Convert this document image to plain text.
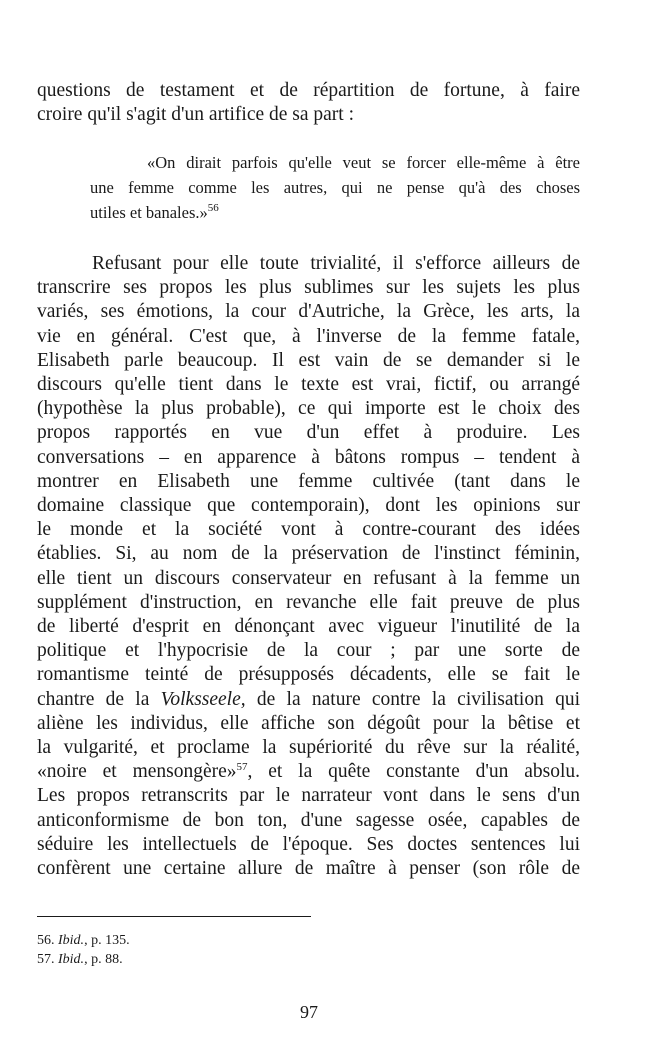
questions de testament et de répartition de fortune, à faire
croire qu'il s'agit d'un artifice de sa part :

«On dirait parfois qu'elle veut se forcer elle-même à être
une femme comme les autres, qui ne pense qu'à des choses
utiles et banales.»$^{56}$

Refusant pour elle toute trivialité, il s'efforce ailleurs de
transcrire ses propos les plus sublimes sur les sujets les plus
variés, ses émotions, la cour d'Autriche, la Grèce, les arts, la
vie en général. C'est que, à l'inverse de la femme fatale,
Elisabeth parle beaucoup. Il est vain de se demander si le
discours qu'elle tient dans le texte est vrai, fictif, ou arrangé
(hypothèse la plus probable), ce qui importe est le choix des
propos rapportés en vue d'un effet à produire. Les
conversations – en apparence à bâtons rompus – tendent à
montrer en Elisabeth une femme cultivée (tant dans le
domaine classique que contemporain), dont les opinions sur
le monde et la société vont à contre-courant des idées
établies. Si, au nom de la préservation de l'instinct féminin,
elle tient un discours conservateur en refusant à la femme un
supplément d'instruction, en revanche elle fait preuve de plus
de liberté d'esprit en dénonçant avec vigueur l'inutilité de la
politique et l'hypocrisie de la cour ; par une sorte de
romantisme teinté de présupposés décadents, elle se fait le
chantre de la Volksseele, de la nature contre la civilisation qui
aliène les individus, elle affiche son dégoût pour la bêtise et
la vulgarité, et proclame la supériorité du rêve sur la réalité,
«noire et mensongère»$^{57}$, et la quête constante d'un absolu.
Les propos retranscrits par le narrateur vont dans le sens d'un
anticonformisme de bon ton, d'une sagesse osée, capables de
séduire les intellectuels de l'époque. Ses doctes sentences lui
confèrent une certaine allure de maître à penser (son rôle de

56. Ibid., p. 135.
57. Ibid., p. 88.
97
